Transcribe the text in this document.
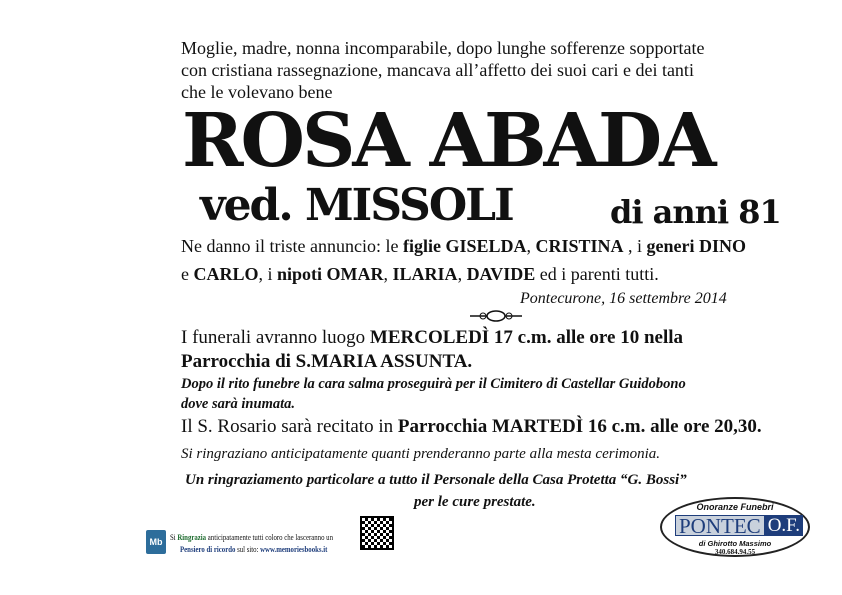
Moglie, madre, nonna incomparabile, dopo lunghe sofferenze sopportate
con cristiana rassegnazione, mancava all’affetto dei suoi cari e dei tanti
che le volevano bene
ROSA ABADA
ved. MISSOLI	di anni 81
Ne danno il triste annuncio: le figlie GISELDA, CRISTINA , i generi DINO
e CARLO, i nipoti OMAR, ILARIA, DAVIDE ed i parenti tutti.
Pontecurone, 16 settembre 2014
I funerali avranno luogo MERCOLEDÌ 17 c.m. alle ore 10 nella
Parrocchia di S.MARIA ASSUNTA.
Dopo il rito funebre la cara salma proseguirà per il Cimitero di Castellar Guidobono
dove sarà inumata.
Il S. Rosario sarà recitato in Parrocchia MARTEDÌ 16 c.m. alle ore 20,30.
Si ringraziano anticipatamente quanti prenderanno parte alla mesta cerimonia.
Un ringraziamento particolare a tutto il Personale della Casa Protetta “G. Bossi”
per le cure prestate.
Mb Si Ringrazia anticipatamente tutti coloro che lasceranno un
Pensiero di ricordo sul sito: www.memoriesbooks.it
Onoranze Funebri
PONTEC O.F.
di Ghirotto Massimo
340.684.94.55
